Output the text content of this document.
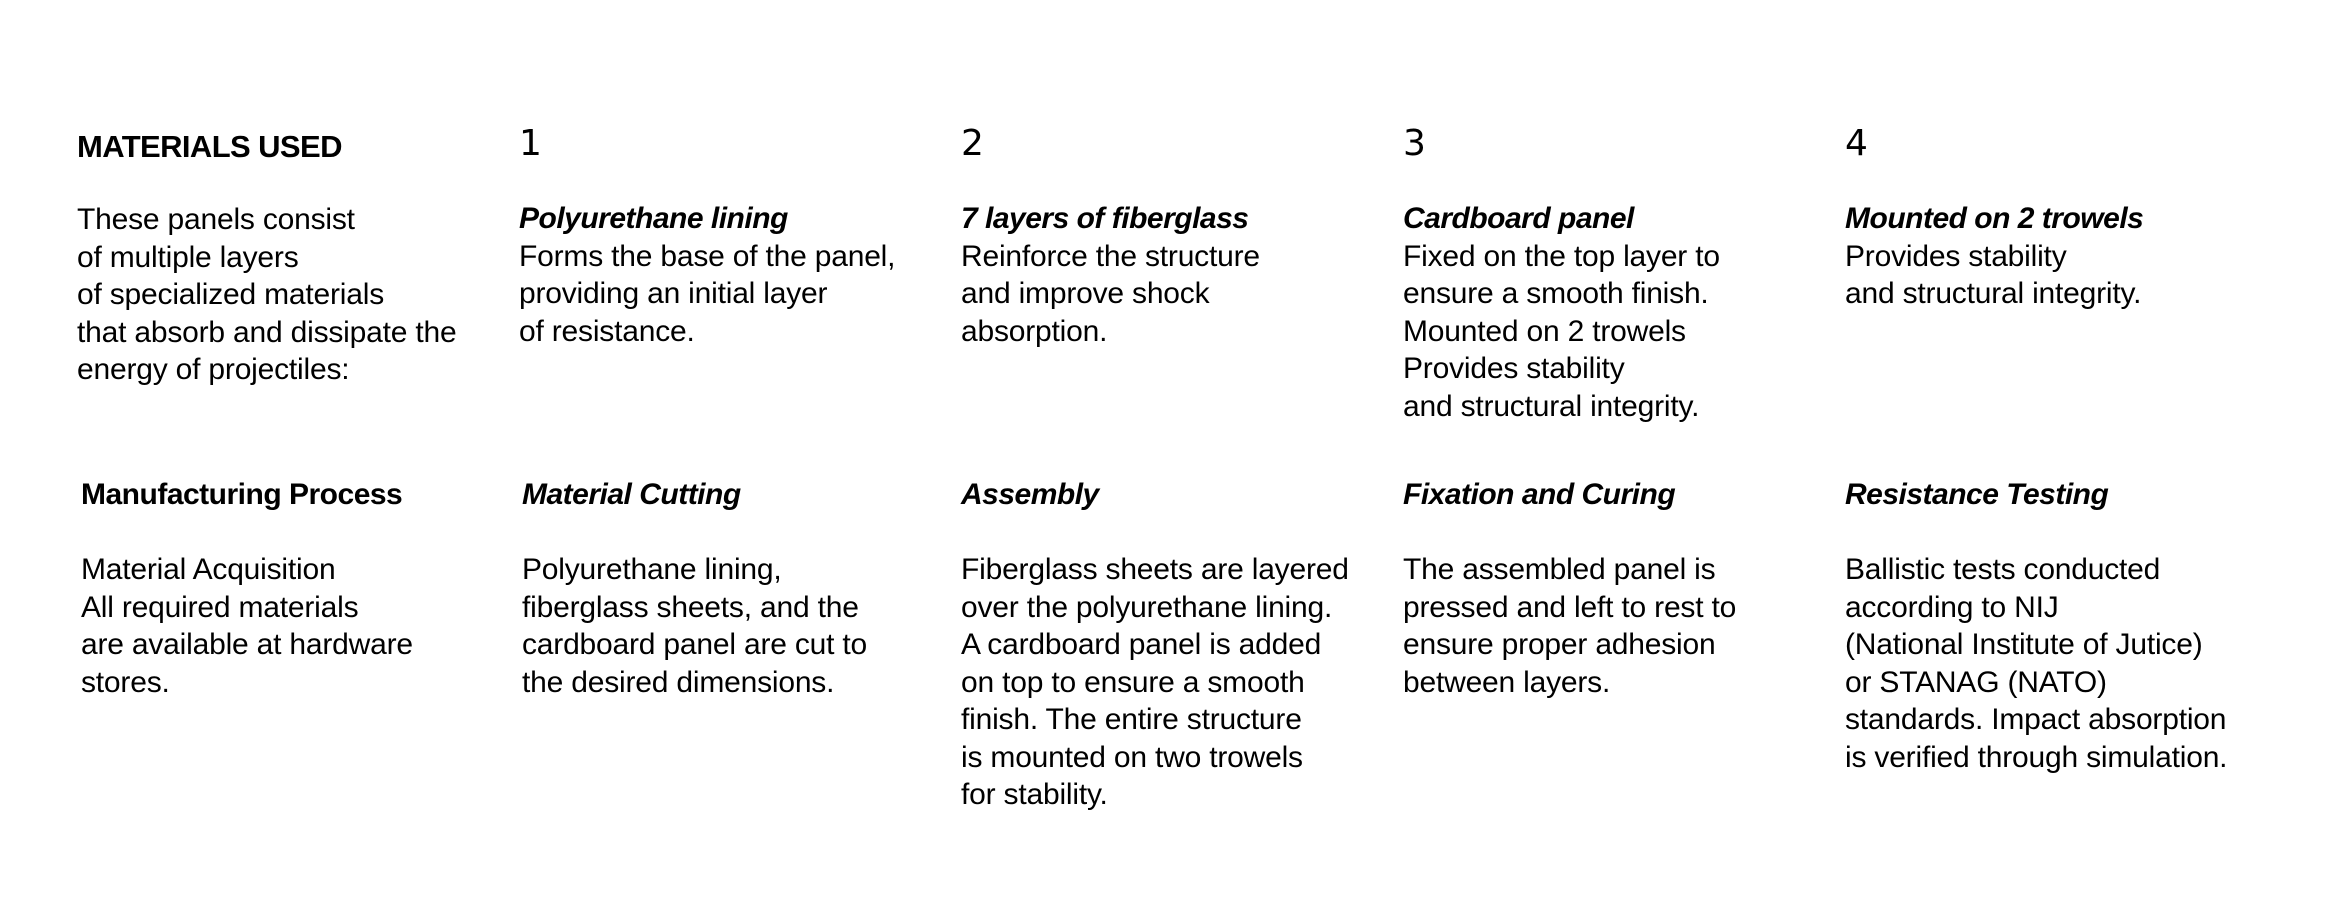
MATERIALS USED

These panels consist
of multiple layers
of specialized materials
that absorb and dissipate the
energy of projectiles:

1

Polyurethane lining

Forms the base of the panel,
providing an initial layer
of resistance.

2

7 layers of fiberglass

Reinforce the structure
and improve shock
absorption.

3

Cardboard panel

Fixed on the top layer to
ensure a smooth finish.
Mounted on 2 trowels
Provides stability
and structural integrity.

4

Mounted on 2 trowels

Provides stability
and structural integrity.

Manufacturing Process

Material Acquisition
All required materials
are available at hardware
stores.

Material Cutting

Polyurethane lining,
fiberglass sheets, and the
cardboard panel are cut to
the desired dimensions.

Assembly

Fiberglass sheets are layered
over the polyurethane lining.
A cardboard panel is added
on top to ensure a smooth
finish. The entire structure
is mounted on two trowels
for stability.

Fixation and Curing

The assembled panel is
pressed and left to rest to
ensure proper adhesion
between layers.

Resistance Testing

Ballistic tests conducted
according to NIJ
(National Institute of Jutice)
or STANAG (NATO)
standards. Impact absorption
is verified through simulation.
